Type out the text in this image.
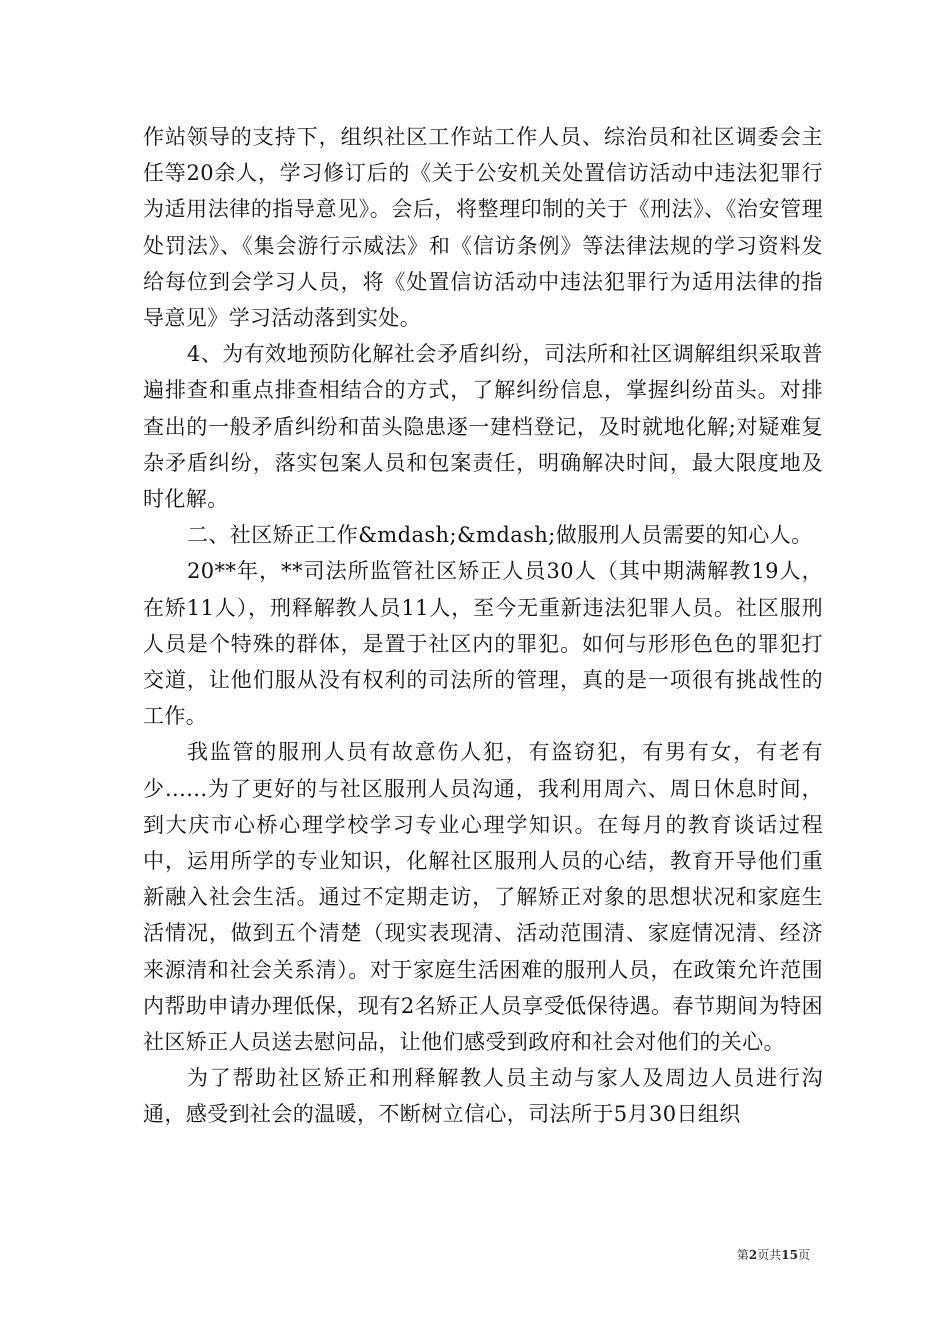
作站领导的支持下，组织社区工作站工作人员、综治员和社区调委会主任等20余人，学习修订后的《关于公安机关处置信访活动中违法犯罪行为适用法律的指导意见》。会后，将整理印制的关于《刑法》、《治安管理处罚法》、《集会游行示威法》和《信访条例》等法律法规的学习资料发给每位到会学习人员，将《处置信访活动中违法犯罪行为适用法律的指导意见》学习活动落到实处。

4、为有效地预防化解社会矛盾纠纷，司法所和社区调解组织采取普遍排查和重点排查相结合的方式，了解纠纷信息，掌握纠纷苗头。对排查出的一般矛盾纠纷和苗头隐患逐一建档登记，及时就地化解;对疑难复杂矛盾纠纷，落实包案人员和包案责任，明确解决时间，最大限度地及时化解。

二、社区矫正工作&mdash;&mdash;做服刑人员需要的知心人。

20**年，**司法所监管社区矫正人员30人（其中期满解教19人，在矫11人），刑释解教人员11人，至今无重新违法犯罪人员。社区服刑人员是个特殊的群体，是置于社区内的罪犯。如何与形形色色的罪犯打交道，让他们服从没有权利的司法所的管理，真的是一项很有挑战性的工作。

我监管的服刑人员有故意伤人犯，有盗窃犯，有男有女，有老有少......为了更好的与社区服刑人员沟通，我利用周六、周日休息时间，到大庆市心桥心理学校学习专业心理学知识。在每月的教育谈话过程中，运用所学的专业知识，化解社区服刑人员的心结，教育开导他们重新融入社会生活。通过不定期走访，了解矫正对象的思想状况和家庭生活情况，做到五个清楚（现实表现清、活动范围清、家庭情况清、经济来源清和社会关系清）。对于家庭生活困难的服刑人员，在政策允许范围内帮助申请办理低保，现有2名矫正人员享受低保待遇。春节期间为特困社区矫正人员送去慰问品，让他们感受到政府和社会对他们的关心。

为了帮助社区矫正和刑释解教人员主动与家人及周边人员进行沟通，感受到社会的温暖，不断树立信心，司法所于5月30日组织

第2页共15页
